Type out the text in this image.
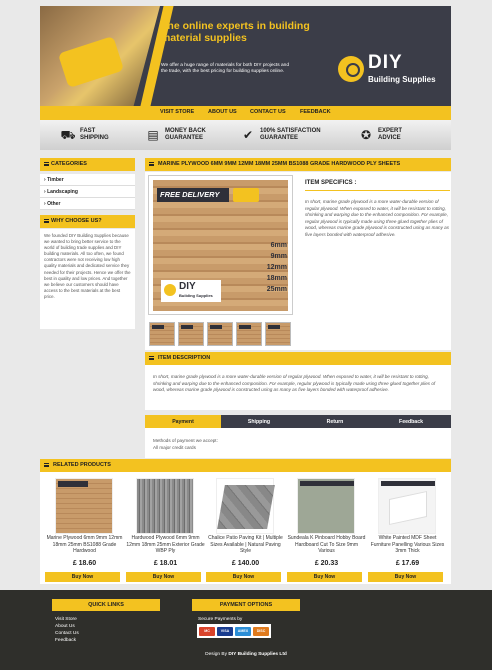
The online experts in building material supplies
We offer a huge range of materials for both DIY projects and the trade, with the best pricing for building supplies online.	DIY
Building Supplies
VISIT STORE	ABOUT US CONTACT US	FEEDBACK
⛟ FAST SHIPPING	▤	MONEY BACK GUARANTEE	✔	100% SATISFACTION GUARANTEE	✪	EXPERT ADVICE
CATEGORIES
› Timber
› Landscaping
› Other
WHY CHOOSE US?
We founded DIY Building Supplies because we wanted to bring better service to the world of building trade supplies and DIY building materials. All too often, we found contractors were not receiving low high quality materials and dedicated service they needed for their projects. Hence we offer the best in quality and low prices. And together we believe our customers should have access to the best materials at the best price.
MARINE PLYWOOD 6MM 9MM 12MM 18MM 25MM BS1088 GRADE HARDWOOD PLY SHEETS
FREE DELIVERY
6mm
9mm
12mm
18mm
25mm
DIY
Building Supplies
ITEM SPECIFICS :
In short, marine grade plywood is a more water-durable version of regular plywood. When exposed to water, it will be resistant to rotting, shrinking and warping due to the enhanced composition. For example, regular plywood is typically made using three glued together plies of wood, whereas marine grade plywood is constructed using as many as five layers bonded with waterproof adhesive.
ITEM DESCRIPTION
In short, marine grade plywood is a more water-durable version of regular plywood. When exposed to water, it will be resistant to rotting, shrinking and warping due to the enhanced composition. For example, regular plywood is typically made using three glued together plies of wood, whereas marine grade plywood is constructed using as many as five layers bonded with waterproof adhesive.
Payment	Shipping	Return	Feedback
Methods of payment we accept:
All major credit cards
RELATED PRODUCTS
Marine Plywood 6mm 9mm 12mm 18mm 25mm BS1088 Grade Hardwood
£ 18.60
Buy Now
Hardwood Plywood 6mm 9mm 12mm 18mm 25mm Exterior Grade WBP Ply
£ 18.01
Buy Now
Chalice Patio Paving Kit | Multiple Sizes Available | Natural Paving Style
£ 140.00
Buy Now
Sundeala K Pinboard Hobby Board Hardboard Cut To Size 9mm Various
£ 20.33
Buy Now
White Painted MDF Sheet Furniture Panelling Various Sizes 3mm Thick
£ 17.69
Buy Now
QUICK LINKS
Visit Store
About Us
Contact Us
Feedback
PAYMENT OPTIONS
Secure Payments by
MC	VISA	AMEX	DISC
Design By DIY Building Supplies Ltd
